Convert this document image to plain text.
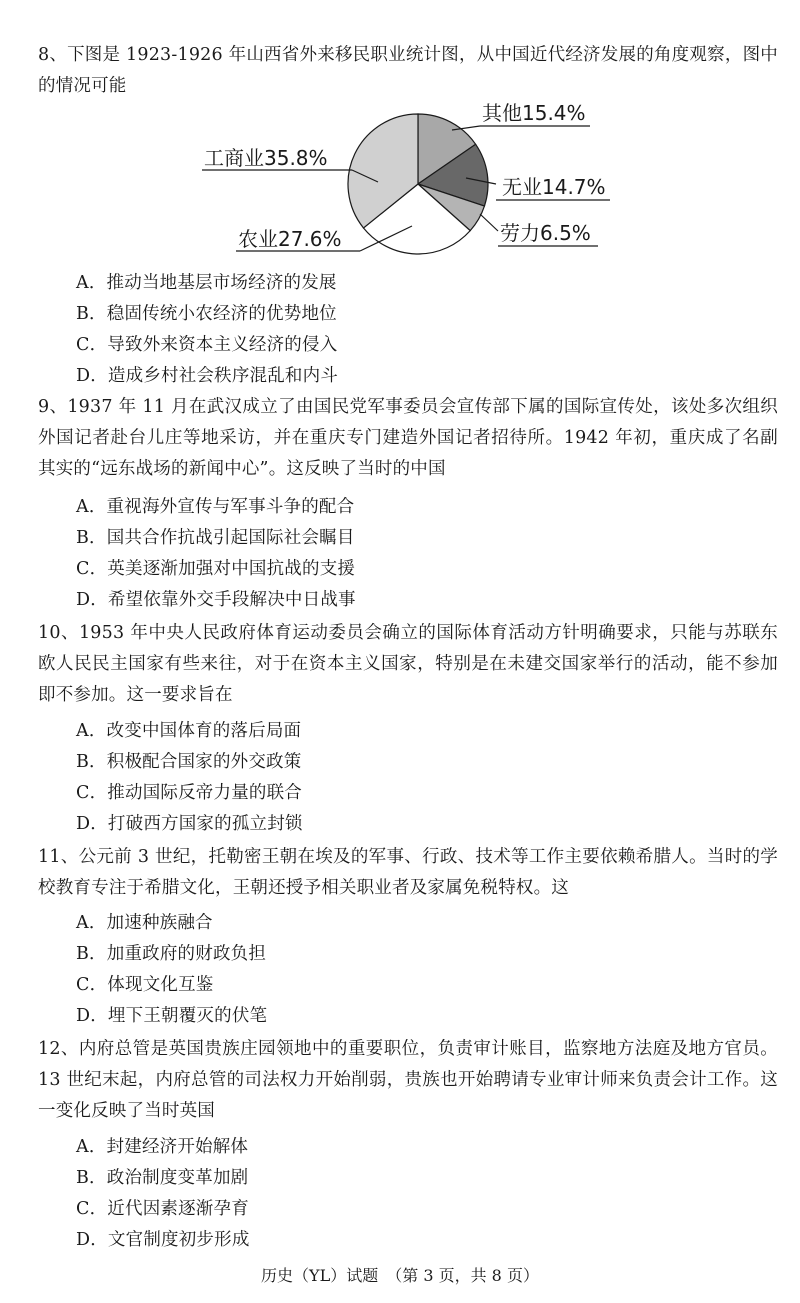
8、下图是 1923-1926 年山西省外来移民职业统计图，从中国近代经济发展的角度观察，图中的情况可能
其他15.4%
无业14.7%
劳力6.5%
农业27.6%
工商业35.8%
A．推动当地基层市场经济的发展
B．稳固传统小农经济的优势地位
C．导致外来资本主义经济的侵入
D．造成乡村社会秩序混乱和内斗
9、1937 年 11 月在武汉成立了由国民党军事委员会宣传部下属的国际宣传处，该处多次组织外国记者赴台儿庄等地采访，并在重庆专门建造外国记者招待所。1942 年初，重庆成了名副其实的“远东战场的新闻中心”。这反映了当时的中国
A．重视海外宣传与军事斗争的配合
B．国共合作抗战引起国际社会瞩目
C．英美逐渐加强对中国抗战的支援
D．希望依靠外交手段解决中日战事
10、1953 年中央人民政府体育运动委员会确立的国际体育活动方针明确要求，只能与苏联东欧人民民主国家有些来往，对于在资本主义国家，特别是在未建交国家举行的活动，能不参加即不参加。这一要求旨在
A．改变中国体育的落后局面
B．积极配合国家的外交政策
C．推动国际反帝力量的联合
D．打破西方国家的孤立封锁
11、公元前 3 世纪，托勒密王朝在埃及的军事、行政、技术等工作主要依赖希腊人。当时的学校教育专注于希腊文化，王朝还授予相关职业者及家属免税特权。这
A．加速种族融合
B．加重政府的财政负担
C．体现文化互鉴
D．埋下王朝覆灭的伏笔
12、内府总管是英国贵族庄园领地中的重要职位，负责审计账目，监察地方法庭及地方官员。13 世纪末起，内府总管的司法权力开始削弱，贵族也开始聘请专业审计师来负责会计工作。这一变化反映了当时英国
A．封建经济开始解体
B．政治制度变革加剧
C．近代因素逐渐孕育
D．文官制度初步形成
历史（YL）试题　（第 3 页，共 8 页）
